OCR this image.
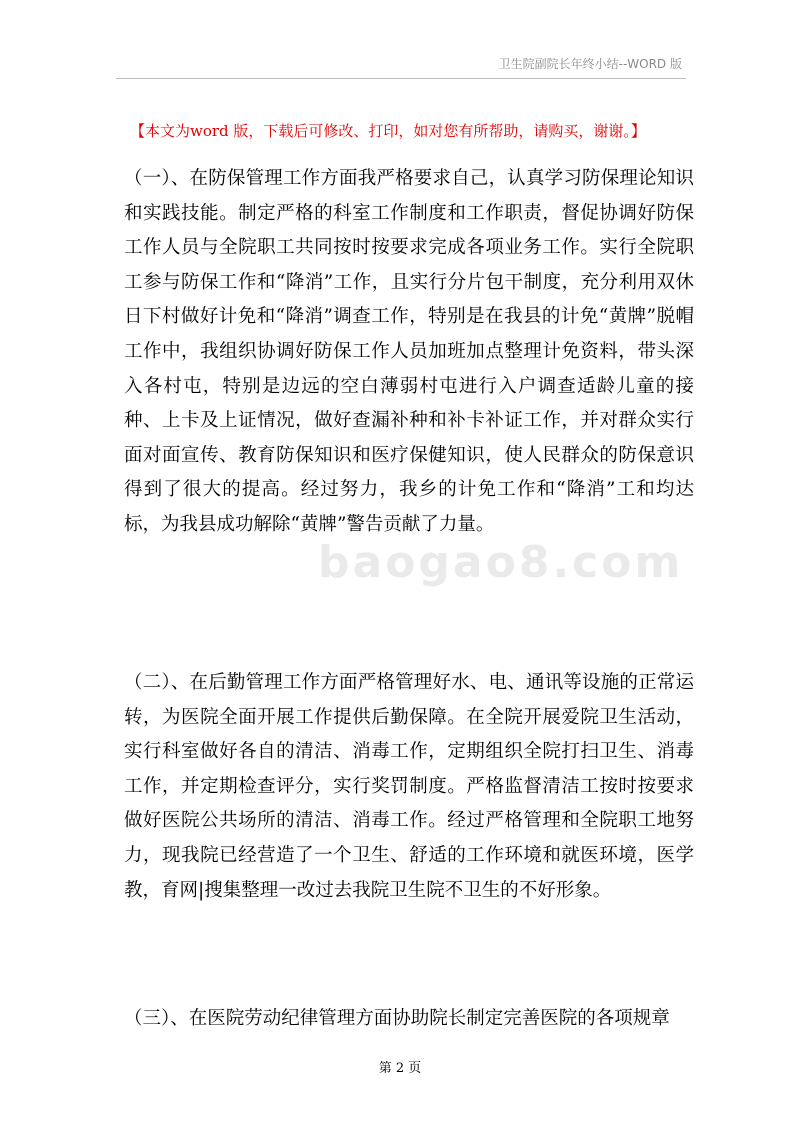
卫生院副院长年终小结--WORD 版
【本文为word 版，下载后可修改、打印，如对您有所帮助，请购买，谢谢。】
baogao8.com
（一）、在防保管理工作方面我严格要求自己，认真学习防保理论知识和实践技能。制定严格的科室工作制度和工作职责，督促协调好防保工作人员与全院职工共同按时按要求完成各项业务工作。实行全院职工参与防保工作和“降消”工作，且实行分片包干制度，充分利用双休日下村做好计免和“降消”调查工作，特别是在我县的计免“黄牌”脱帽工作中，我组织协调好防保工作人员加班加点整理计免资料，带头深入各村屯，特别是边远的空白薄弱村屯进行入户调查适龄儿童的接种、上卡及上证情况，做好查漏补种和补卡补证工作，并对群众实行面对面宣传、教育防保知识和医疗保健知识，使人民群众的防保意识得到了很大的提高。经过努力，我乡的计免工作和“降消”工和均达标，为我县成功解除“黄牌”警告贡献了力量。
（二）、在后勤管理工作方面严格管理好水、电、通讯等设施的正常运转，为医院全面开展工作提供后勤保障。在全院开展爱院卫生活动，实行科室做好各自的清洁、消毒工作，定期组织全院打扫卫生、消毒工作，并定期检查评分，实行奖罚制度。严格监督清洁工按时按要求做好医院公共场所的清洁、消毒工作。经过严格管理和全院职工地努力，现我院已经营造了一个卫生、舒适的工作环境和就医环境，医学教，育网|搜集整理一改过去我院卫生院不卫生的不好形象。
（三）、在医院劳动纪律管理方面协助院长制定完善医院的各项规章
第 2 页
